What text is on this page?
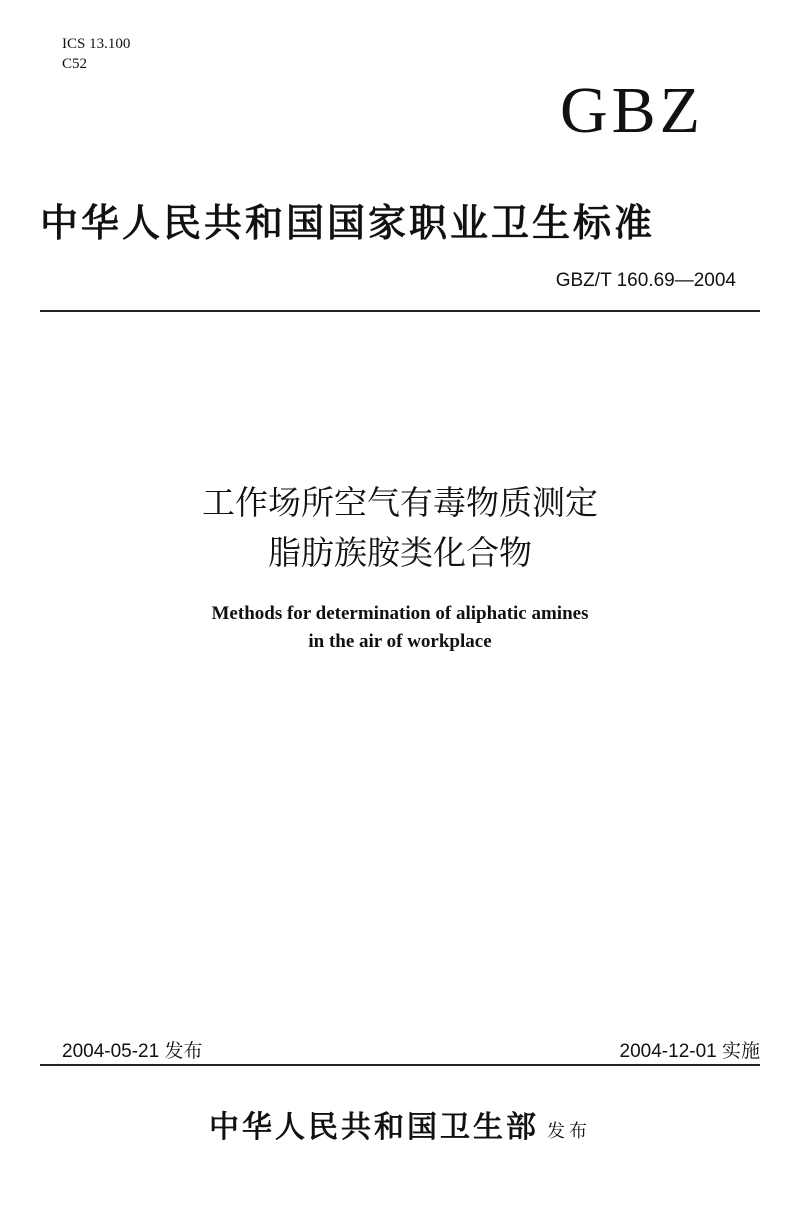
ICS 13.100
C52
GBZ
中华人民共和国国家职业卫生标准
GBZ/T 160.69—2004
工作场所空气有毒物质测定
脂肪族胺类化合物
Methods for determination of aliphatic amines
in the air of workplace
2004-05-21 发布	2004-12-01 实施
中华人民共和国卫生部 发布
